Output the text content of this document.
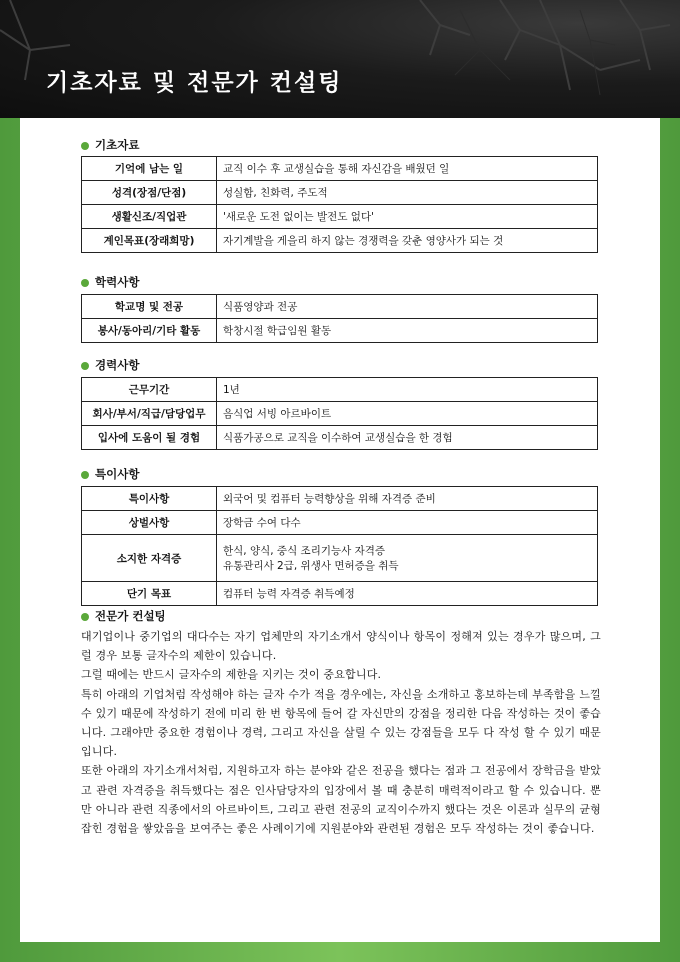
기초자료 및 전문가 컨설팅
기초자료
기억에 남는 일	교직 이수 후 교생실습을 통해 자신감을 배웠던 일
성격(장점/단점)	성실함, 친화력, 주도적
생활신조/직업관	'새로운 도전 없이는 발전도 없다'
계인목표(장래희망)	자기계발을 게을리 하지 않는 경쟁력을 갖춘 영양사가 되는 것
학력사항
학교명 및 전공	식품영양과 전공
봉사/동아리/기타 활동	학창시절 학급임원 활동
경력사항
근무기간	1년
회사/부서/직급/담당업무	음식업 서빙 아르바이트
입사에 도움이 될 경험	식품가공으로 교직을 이수하여 교생실습을 한 경험
특이사항
특이사항	외국어 및 컴퓨터 능력향상을 위해 자격증 준비
상벌사항	장학금 수여 다수
소지한 자격증	한식, 양식, 중식 조리기능사 자격증
유통관리사 2급, 위생사 면허증을 취득

단기 목표	컴퓨터 능력 자격증 취득예정
전문가 컨설팅

대기업이나 중기업의 대다수는 자기 업체만의 자기소개서 양식이나 항목이 정해져 있는 경우가 많으며, 그럴 경우 보통 글자수의 제한이 있습니다.

그럴 때에는 반드시 글자수의 제한을 지키는 것이 중요합니다.

특히 아래의 기업처럼 작성해야 하는 글자 수가 적을 경우에는, 자신을 소개하고 홍보하는데 부족함을 느낄 수 있기 때문에 작성하기 전에 미리 한 번 항목에 들어 갈 자신만의 강점을 정리한 다음 작성하는 것이 좋습니다. 그래야만 중요한 경험이나 경력, 그리고 자신을 살릴 수 있는 강점들을 모두 다 작성 할 수 있기 때문입니다.

또한 아래의 자기소개서처럼, 지원하고자 하는 분야와 같은 전공을 했다는 점과 그 전공에서 장학금을 받았고 관련 자격증을 취득했다는 점은 인사담당자의 입장에서 볼 때 충분히 매력적이라고 할 수 있습니다. 뿐만 아니라 관련 직종에서의 아르바이트, 그리고 관련 전공의 교직이수까지 했다는 것은 이론과 실무의 균형 잡힌 경험을 쌓았음을 보여주는 좋은 사례이기에 지원분야와 관련된 경험은 모두 작성하는 것이 좋습니다.
